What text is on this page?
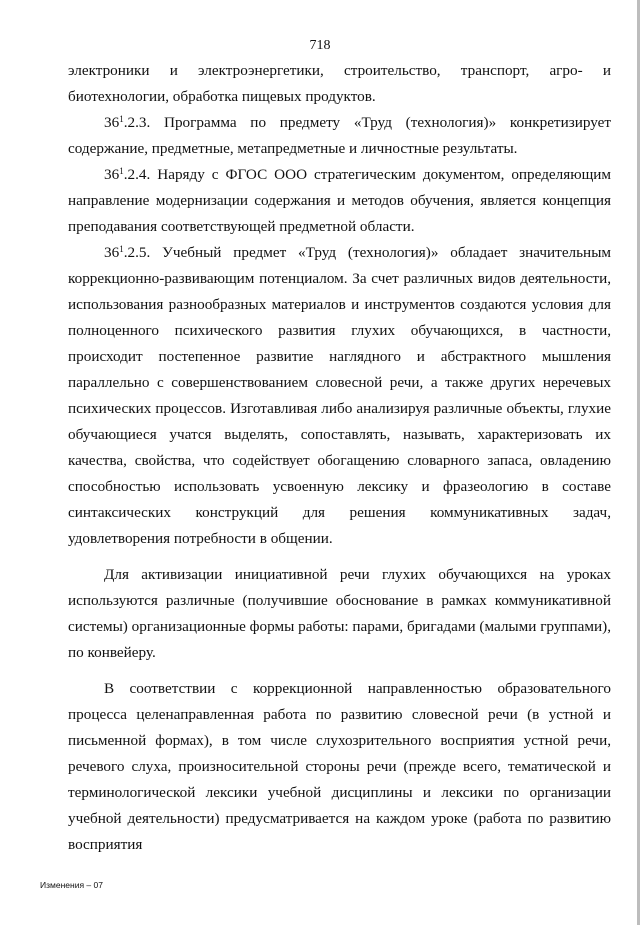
718

электроники и электроэнергетики, строительство, транспорт, агро- и биотехнологии, обработка пищевых продуктов.

$36^1.2.3$. Программа по предмету «Труд (технология)» конкретизирует содержание, предметные, метапредметные и личностные результаты.

$36^1.2.4$. Наряду с ФГОС ООО стратегическим документом, определяющим направление модернизации содержания и методов обучения, является концепция преподавания соответствующей предметной области.

$36^1.2.5$. Учебный предмет «Труд (технология)» обладает значительным коррекционно-развивающим потенциалом. За счет различных видов деятельности, использования разнообразных материалов и инструментов создаются условия для полноценного психического развития глухих обучающихся, в частности, происходит постепенное развитие наглядного и абстрактного мышления параллельно с совершенствованием словесной речи, а также других неречевых психических процессов. Изготавливая либо анализируя различные объекты, глухие обучающиеся учатся выделять, сопоставлять, называть, характеризовать их качества, свойства, что содействует обогащению словарного запаса, овладению способностью использовать усвоенную лексику и фразеологию в составе синтаксических конструкций для решения коммуникативных задач, удовлетворения потребности в общении.

Для активизации инициативной речи глухих обучающихся на уроках используются различные (получившие обоснование в рамках коммуникативной системы) организационные формы работы: парами, бригадами (малыми группами), по конвейеру.

В соответствии с коррекционной направленностью образовательного процесса целенаправленная работа по развитию словесной речи (в устной и письменной формах), в том числе слухозрительного восприятия устной речи, речевого слуха, произносительной стороны речи (прежде всего, тематической и терминологической лексики учебной дисциплины и лексики по организации учебной деятельности) предусматривается на каждом уроке (работа по развитию восприятия

Изменения – 07
